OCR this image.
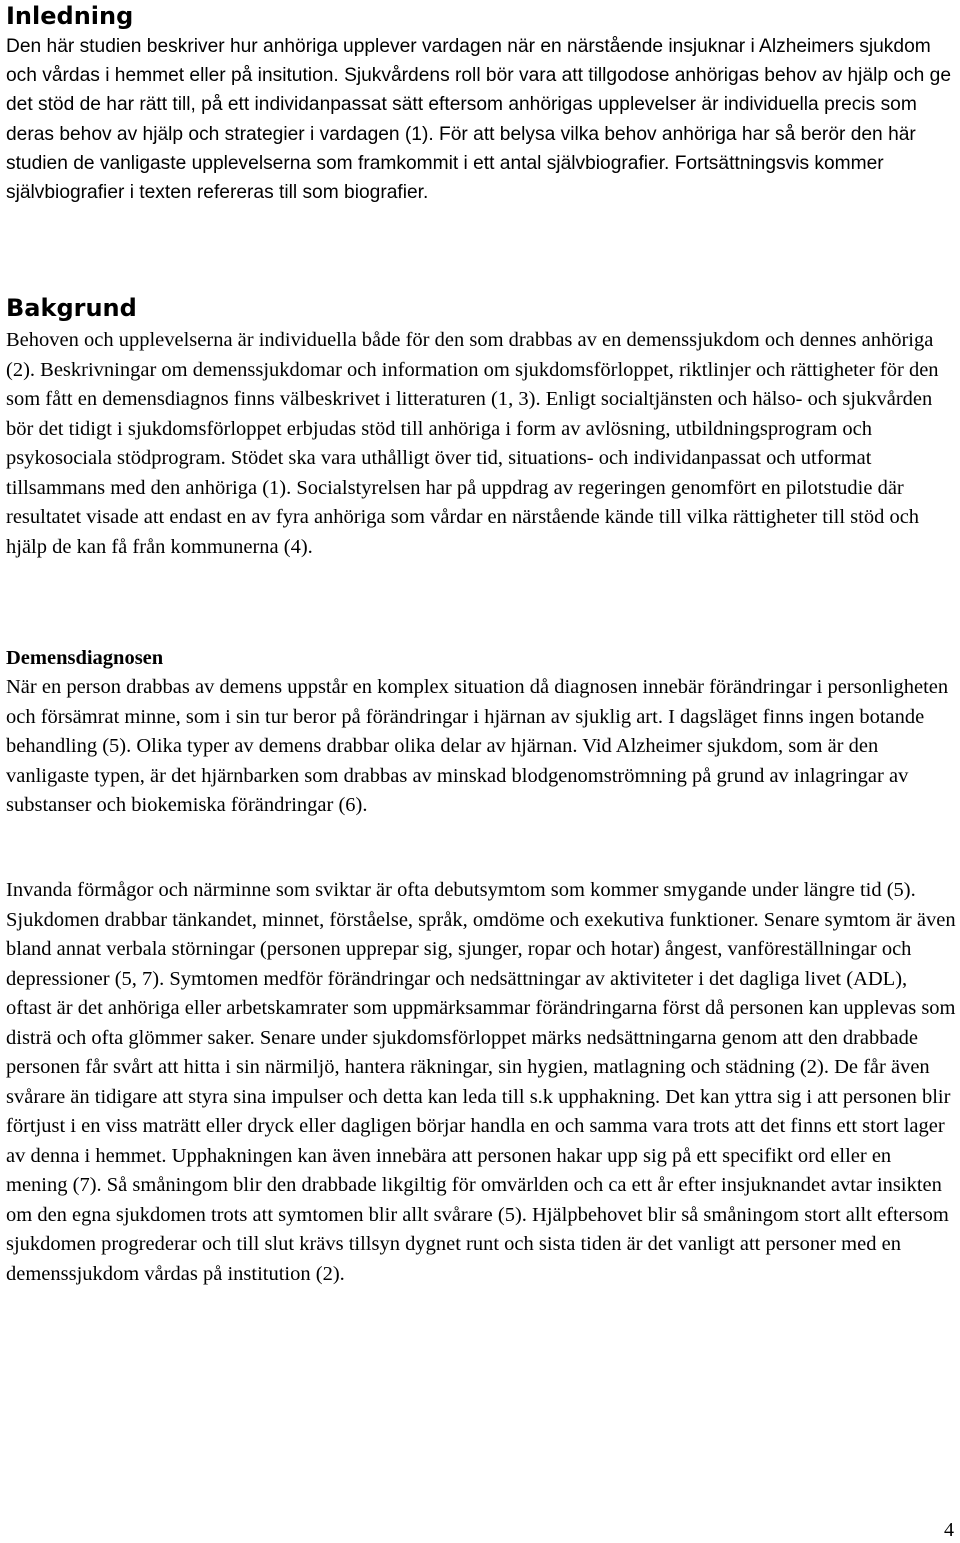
Inledning

Den här studien beskriver hur anhöriga upplever vardagen när en närstående insjuknar i Alzheimers sjukdom och vårdas i hemmet eller på insitution. Sjukvårdens roll bör vara att tillgodose anhörigas behov av hjälp och ge det stöd de har rätt till, på ett individanpassat sätt eftersom anhörigas upplevelser är individuella precis som deras behov av hjälp och strategier i vardagen (1). För att belysa vilka behov anhöriga har så berör den här studien de vanligaste upplevelserna som framkommit i ett antal självbiografier. Fortsättningsvis kommer självbiografier i texten refereras till som biografier.

Bakgrund

Behoven och upplevelserna är individuella både för den som drabbas av en demenssjukdom och dennes anhöriga (2). Beskrivningar om demenssjukdomar och information om sjukdomsförloppet, riktlinjer och rättigheter för den som fått en demensdiagnos finns välbeskrivet i litteraturen (1, 3). Enligt socialtjänsten och hälso- och sjukvården bör det tidigt i sjukdomsförloppet erbjudas stöd till anhöriga i form av avlösning, utbildningsprogram och psykosociala stödprogram. Stödet ska vara uthålligt över tid, situations- och individanpassat och utformat tillsammans med den anhöriga (1). Socialstyrelsen har på uppdrag av regeringen genomfört en pilotstudie där resultatet visade att endast en av fyra anhöriga som vårdar en närstående kände till vilka rättigheter till stöd och hjälp de kan få från kommunerna (4).

Demensdiagnosen

När en person drabbas av demens uppstår en komplex situation då diagnosen innebär förändringar i personligheten och försämrat minne, som i sin tur beror på förändringar i hjärnan av sjuklig art. I dagsläget finns ingen botande behandling (5). Olika typer av demens drabbar olika delar av hjärnan. Vid Alzheimer sjukdom, som är den vanligaste typen, är det hjärnbarken som drabbas av minskad blodgenomströmning på grund av inlagringar av substanser och biokemiska förändringar (6).

Invanda förmågor och närminne som sviktar är ofta debutsymtom som kommer smygande under längre tid (5). Sjukdomen drabbar tänkandet, minnet, förståelse, språk, omdöme och exekutiva funktioner. Senare symtom är även bland annat verbala störningar (personen upprepar sig, sjunger, ropar och hotar) ångest, vanföreställningar och depressioner (5, 7). Symtomen medför förändringar och nedsättningar av aktiviteter i det dagliga livet (ADL), oftast är det anhöriga eller arbetskamrater som uppmärksammar förändringarna först då personen kan upplevas som disträ och ofta glömmer saker. Senare under sjukdomsförloppet märks nedsättningarna genom att den drabbade personen får svårt att hitta i sin närmiljö, hantera räkningar, sin hygien, matlagning och städning (2). De får även svårare än tidigare att styra sina impulser och detta kan leda till s.k upphakning. Det kan yttra sig i att personen blir förtjust i en viss maträtt eller dryck eller dagligen börjar handla en och samma vara trots att det finns ett stort lager av denna i hemmet. Upphakningen kan även innebära att personen hakar upp sig på ett specifikt ord eller en mening (7). Så småningom blir den drabbade likgiltig för omvärlden och ca ett år efter insjuknandet avtar insikten om den egna sjukdomen trots att symtomen blir allt svårare (5). Hjälpbehovet blir så småningom stort allt eftersom sjukdomen progrederar och till slut krävs tillsyn dygnet runt och sista tiden är det vanligt att personer med en demenssjukdom vårdas på institution (2).

4
